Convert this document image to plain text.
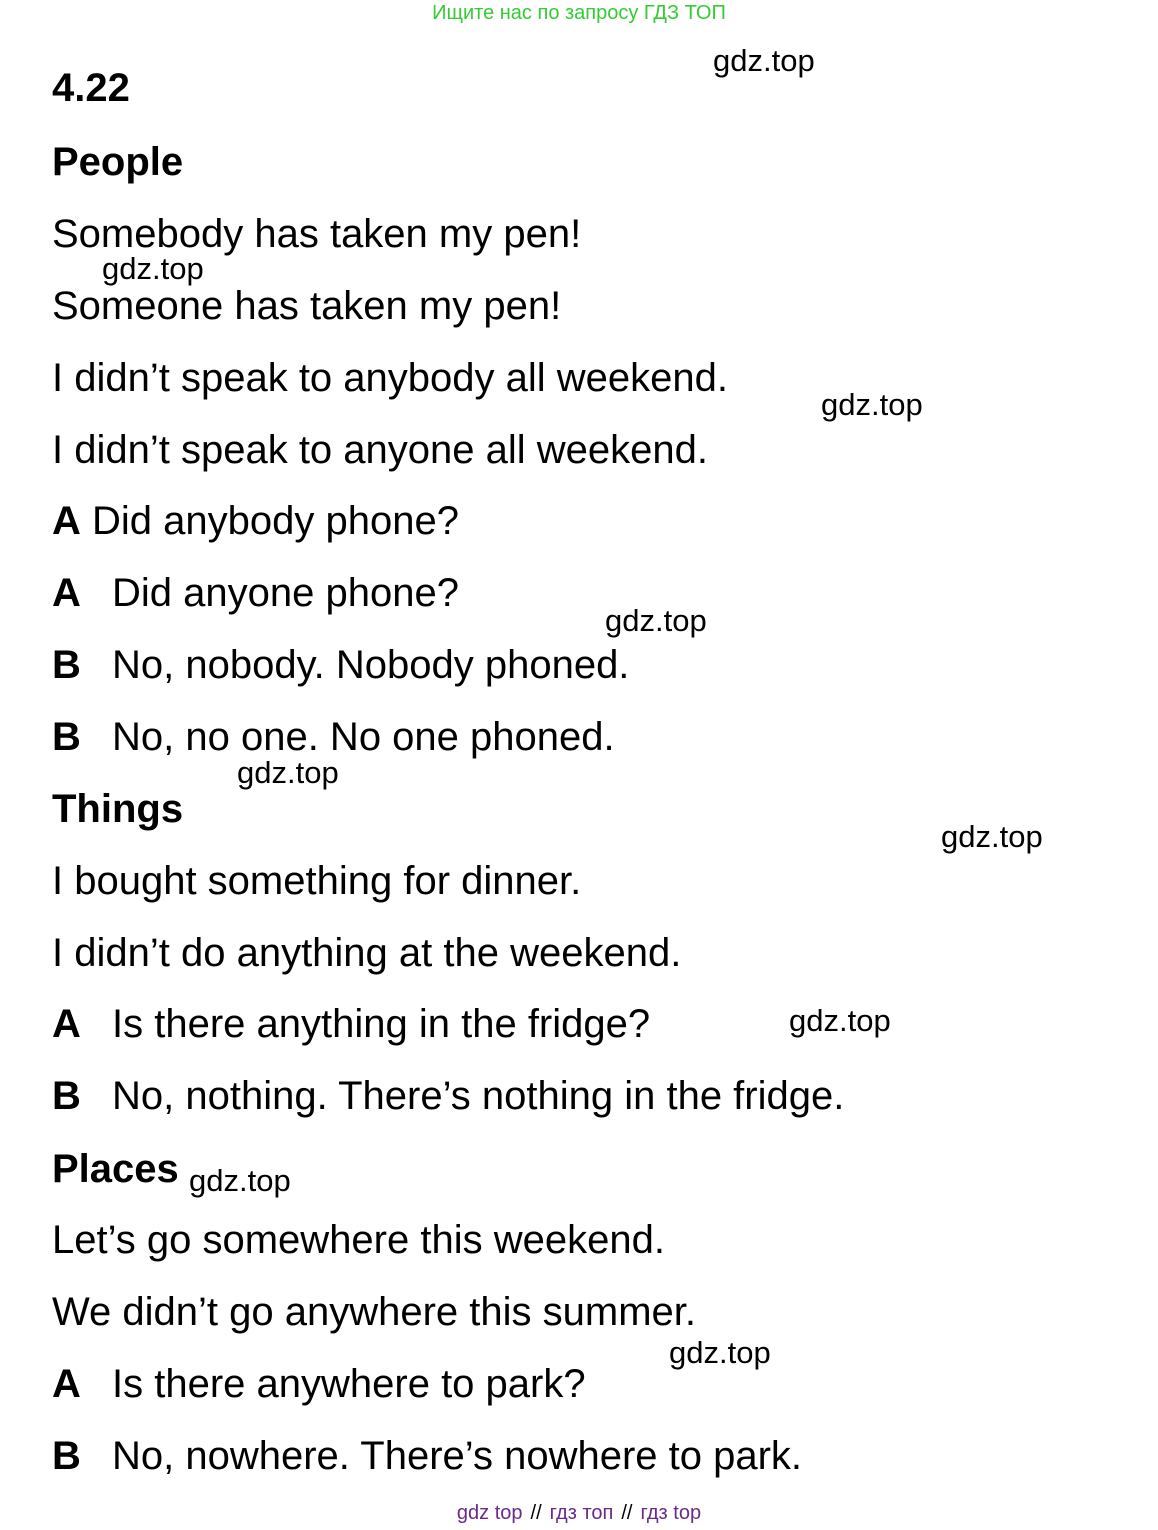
Ищите нас по запросу ГДЗ ТОП
4.22
People
Somebody has taken my pen!
Someone has taken my pen!
I didn’t speak to anybody all weekend.
I didn’t speak to anyone all weekend.
A Did anybody phone?
A Did anyone phone?
B No, nobody. Nobody phoned.
B No, no one. No one phoned.
Things
I bought something for dinner.
I didn’t do anything at the weekend.
A Is there anything in the fridge?
B No, nothing. There’s nothing in the fridge.
Places
Let’s go somewhere this weekend.
We didn’t go anywhere this summer.
A Is there anywhere to park?
B No, nowhere. There’s nowhere to park.
gdz.top
gdz.top
gdz.top
gdz.top
gdz.top
gdz.top
gdz.top
gdz.top
gdz.top
gdz top // гдз топ // гдз top
